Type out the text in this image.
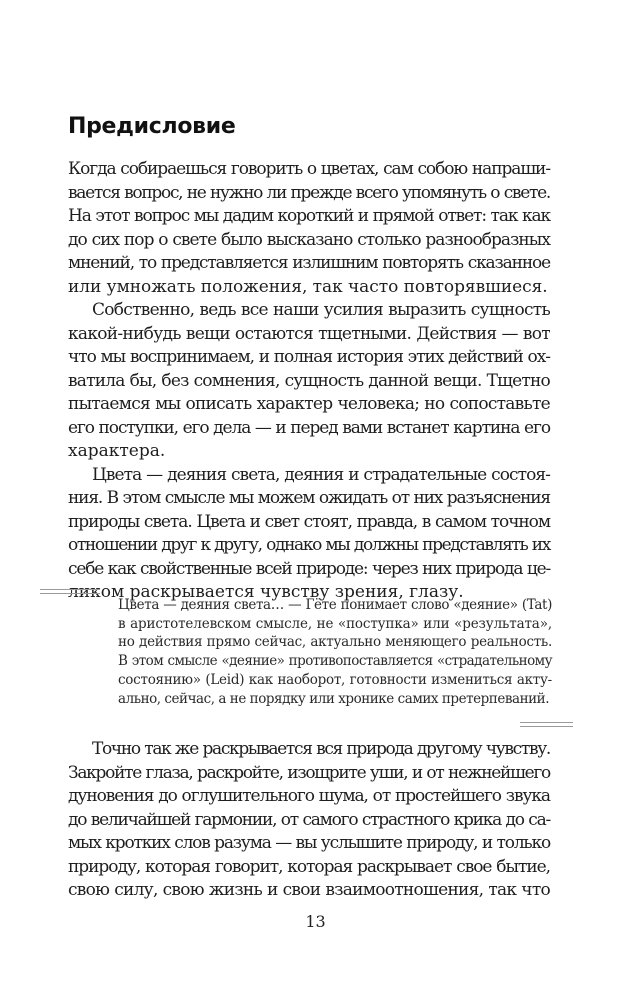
Предисловие
Когда собираешься говорить о цветах, сам собою напраши-
вается вопрос, не нужно ли прежде всего упомянуть о свете.
На этот вопрос мы дадим короткий и прямой ответ: так как
до сих пор о свете было высказано столько разнообразных
мнений, то представляется излишним повторять сказанное
или умножать положения, так часто повторявшиеся.
Собственно, ведь все наши усилия выразить сущность
какой-нибудь вещи остаются тщетными. Действия — вот
что мы воспринимаем, и полная история этих действий ох-
ватила бы, без сомнения, сущность данной вещи. Тщетно
пытаемся мы описать характер человека; но сопоставьте
его поступки, его дела — и перед вами встанет картина его
характера.
Цвета — деяния света, деяния и страдательные состоя-
ния. В этом смысле мы можем ожидать от них разъяснения
природы света. Цвета и свет стоят, правда, в самом точном
отношении друг к другу, однако мы должны представлять их
себе как свойственные всей природе: через них природа це-
ликом раскрывается чувству зрения, глазу.
Цвета — деяния света… — Гёте понимает слово «деяние» (Tat)
в аристотелевском смысле, не «поступка» или «результата»,
но действия прямо сейчас, актуально меняющего реальность.
В этом смысле «деяние» противопоставляется «страдательному
состоянию» (Leid) как наоборот, готовности измениться акту-
ально, сейчас, а не порядку или хронике самих претерпеваний.
Точно так же раскрывается вся природа другому чувству.
Закройте глаза, раскройте, изощрите уши, и от нежнейшего
дуновения до оглушительного шума, от простейшего звука
до величайшей гармонии, от самого страстного крика до са-
мых кротких слов разума — вы услышите природу, и только
природу, которая говорит, которая раскрывает свое бытие,
свою силу, свою жизнь и свои взаимоотношения, так что
13
